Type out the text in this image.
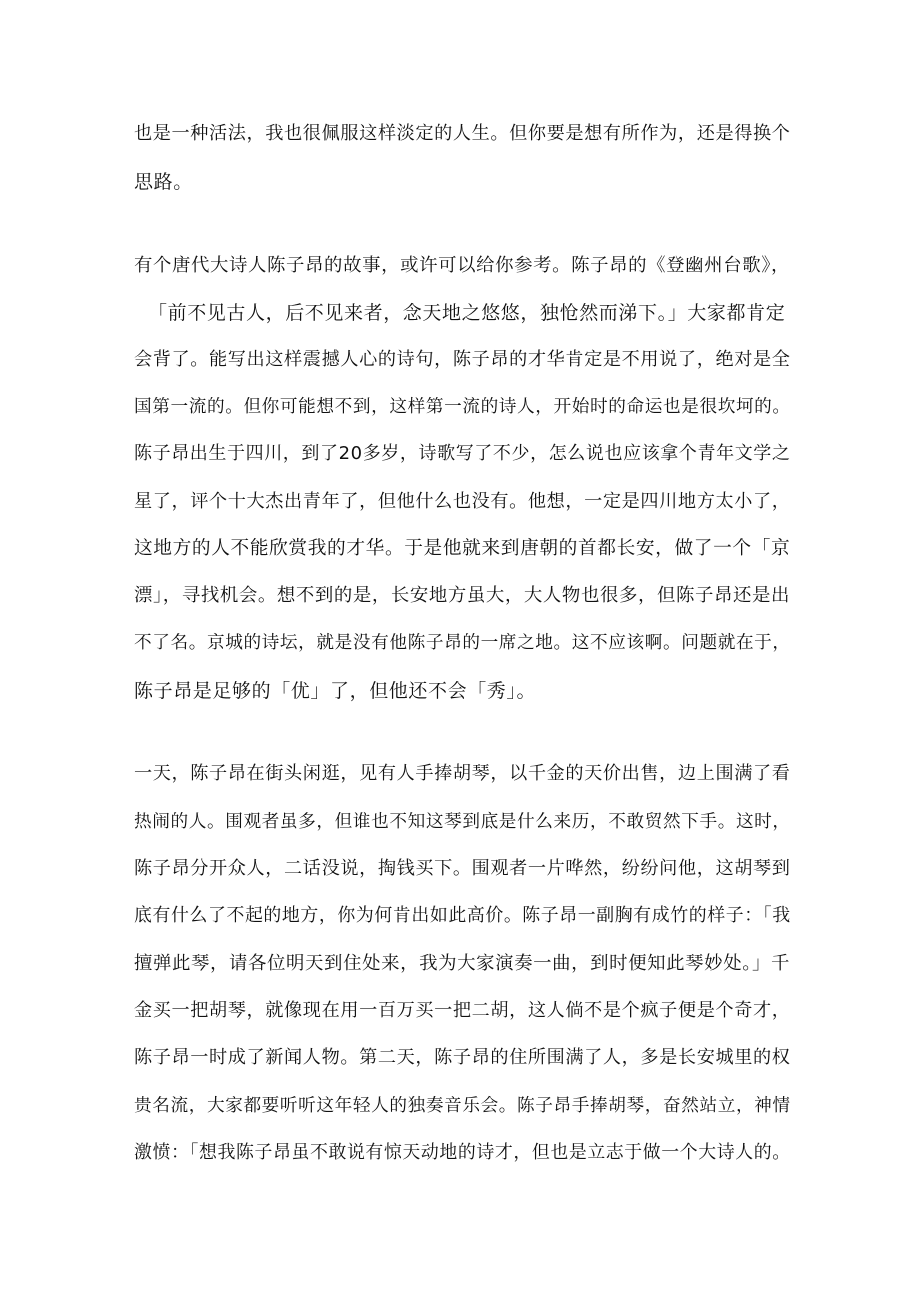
也是一种活法，我也很佩服这样淡定的人生。但你要是想有所作为，还是得换个
思路。
有个唐代大诗人陈子昂的故事，或许可以给你参考。陈子昂的《登幽州台歌》，
「前不见古人，后不见来者，念天地之悠悠，独怆然而涕下。」大家都肯定
会背了。能写出这样震撼人心的诗句，陈子昂的才华肯定是不用说了，绝对是全
国第一流的。但你可能想不到，这样第一流的诗人，开始时的命运也是很坎坷的。
陈子昂出生于四川，到了20多岁，诗歌写了不少，怎么说也应该拿个青年文学之
星了，评个十大杰出青年了，但他什么也没有。他想，一定是四川地方太小了，
这地方的人不能欣赏我的才华。于是他就来到唐朝的首都长安，做了一个「京
漂」，寻找机会。想不到的是，长安地方虽大，大人物也很多，但陈子昂还是出
不了名。京城的诗坛，就是没有他陈子昂的一席之地。这不应该啊。问题就在于，
陈子昂是足够的「优」了，但他还不会「秀」。
一天，陈子昂在街头闲逛，见有人手捧胡琴，以千金的天价出售，边上围满了看
热闹的人。围观者虽多，但谁也不知这琴到底是什么来历，不敢贸然下手。这时，
陈子昂分开众人，二话没说，掏钱买下。围观者一片哗然，纷纷问他，这胡琴到
底有什么了不起的地方，你为何肯出如此高价。陈子昂一副胸有成竹的样子：「我
擅弹此琴，请各位明天到住处来，我为大家演奏一曲，到时便知此琴妙处。」千
金买一把胡琴，就像现在用一百万买一把二胡，这人倘不是个疯子便是个奇才，
陈子昂一时成了新闻人物。第二天，陈子昂的住所围满了人，多是长安城里的权
贵名流，大家都要听听这年轻人的独奏音乐会。陈子昂手捧胡琴，奋然站立，神情
激愤：「想我陈子昂虽不敢说有惊天动地的诗才，但也是立志于做一个大诗人的。
